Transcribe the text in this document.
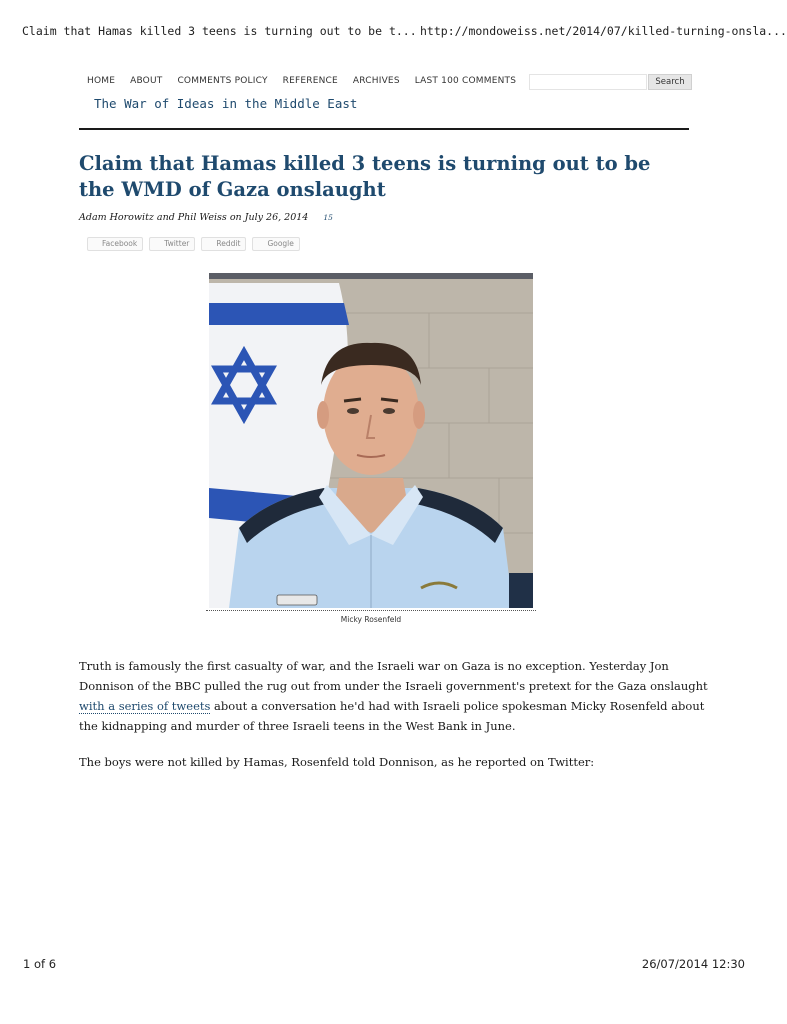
Claim that Hamas killed 3 teens is turning out to be t... http://mondoweiss.net/2014/07/killed-turning-onsla...
HOME ABOUT COMMENTS POLICY REFERENCE ARCHIVES LAST 100 COMMENTS	Search
The War of Ideas in the Middle East
Claim that Hamas killed 3 teens is turning out to be the WMD of Gaza onslaught
Adam Horowitz and Phil Weiss on July 26, 2014 15
Facebook	Twitter	Reddit	Google
Micky Rosenfeld
Truth is famously the first casualty of war, and the Israeli war on Gaza is no exception. Yesterday Jon
Donnison of the BBC pulled the rug out from under the Israeli government's pretext for the Gaza onslaught
with a series of tweets about a conversation he'd had with Israeli police spokesman Micky Rosenfeld about
the kidnapping and murder of three Israeli teens in the West Bank in June.
The boys were not killed by Hamas, Rosenfeld told Donnison, as he reported on Twitter:
1 of 6	26/07/2014 12:30
